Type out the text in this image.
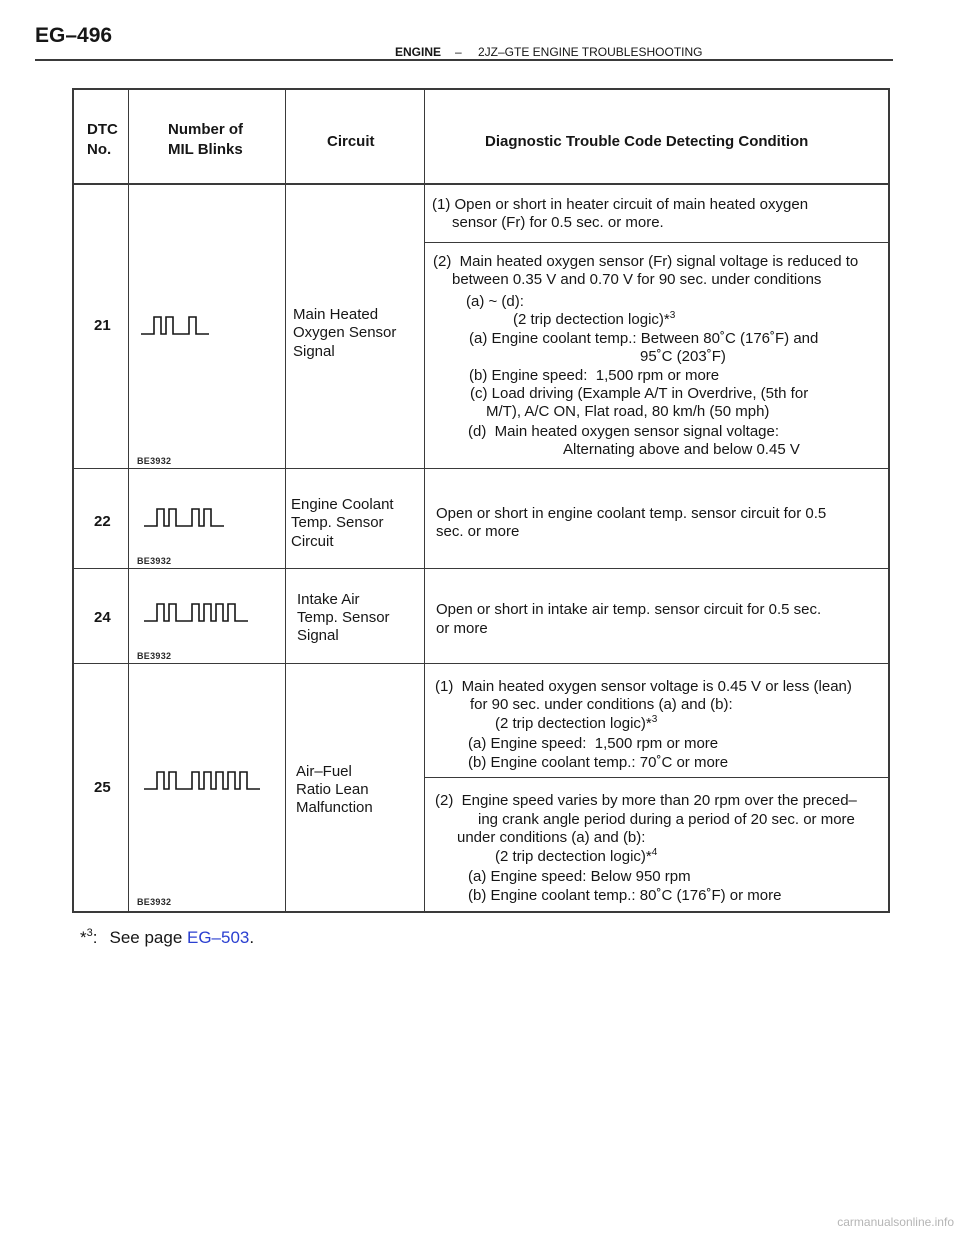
EG–496
ENGINE – 2JZ–GTE ENGINE TROUBLESHOOTING
DTC
No.
Number of
MIL Blinks	Circuit	Diagnostic Trouble Code Detecting Condition
21
BE3932
Main Heated
Oxygen Sensor
Signal
(1) Open or short in heater circuit of main heated oxygen
sensor (Fr) for 0.5 sec. or more.
(2)  Main heated oxygen sensor (Fr) signal voltage is reduced to
between 0.35 V and 0.70 V for 90 sec. under conditions
(a) ~ (d):
(2 trip dectection logic)*$^3$
(a) Engine coolant temp.: Between 80˚C (176˚F) and
95˚C (203˚F)
(b) Engine speed:  1,500 rpm or more
(c) Load driving (Example A/T in Overdrive, (5th for
M/T), A/C ON, Flat road, 80 km/h (50 mph)
(d)  Main heated oxygen sensor signal voltage:
Alternating above and below 0.45 V
22
BE3932
Engine Coolant
Temp. Sensor
Circuit
Open or short in engine coolant temp. sensor circuit for 0.5
sec. or more
24
BE3932
Intake Air
Temp. Sensor
Signal
Open or short in intake air temp. sensor circuit for 0.5 sec.
or more
25
BE3932
Air–Fuel
Ratio Lean
Malfunction
(1)  Main heated oxygen sensor voltage is 0.45 V or less (lean)
for 90 sec. under conditions (a) and (b):
(2 trip dectection logic)*$^3$
(a) Engine speed:  1,500 rpm or more
(b) Engine coolant temp.: 70˚C or more
(2)  Engine speed varies by more than 20 rpm over the preced–
ing crank angle period during a period of 20 sec. or more
under conditions (a) and (b):
(2 trip dectection logic)*$^4$
(a) Engine speed: Below 950 rpm
(b) Engine coolant temp.: 80˚C (176˚F) or more
*$^3$: See page EG–503.
carmanualsonline.info
